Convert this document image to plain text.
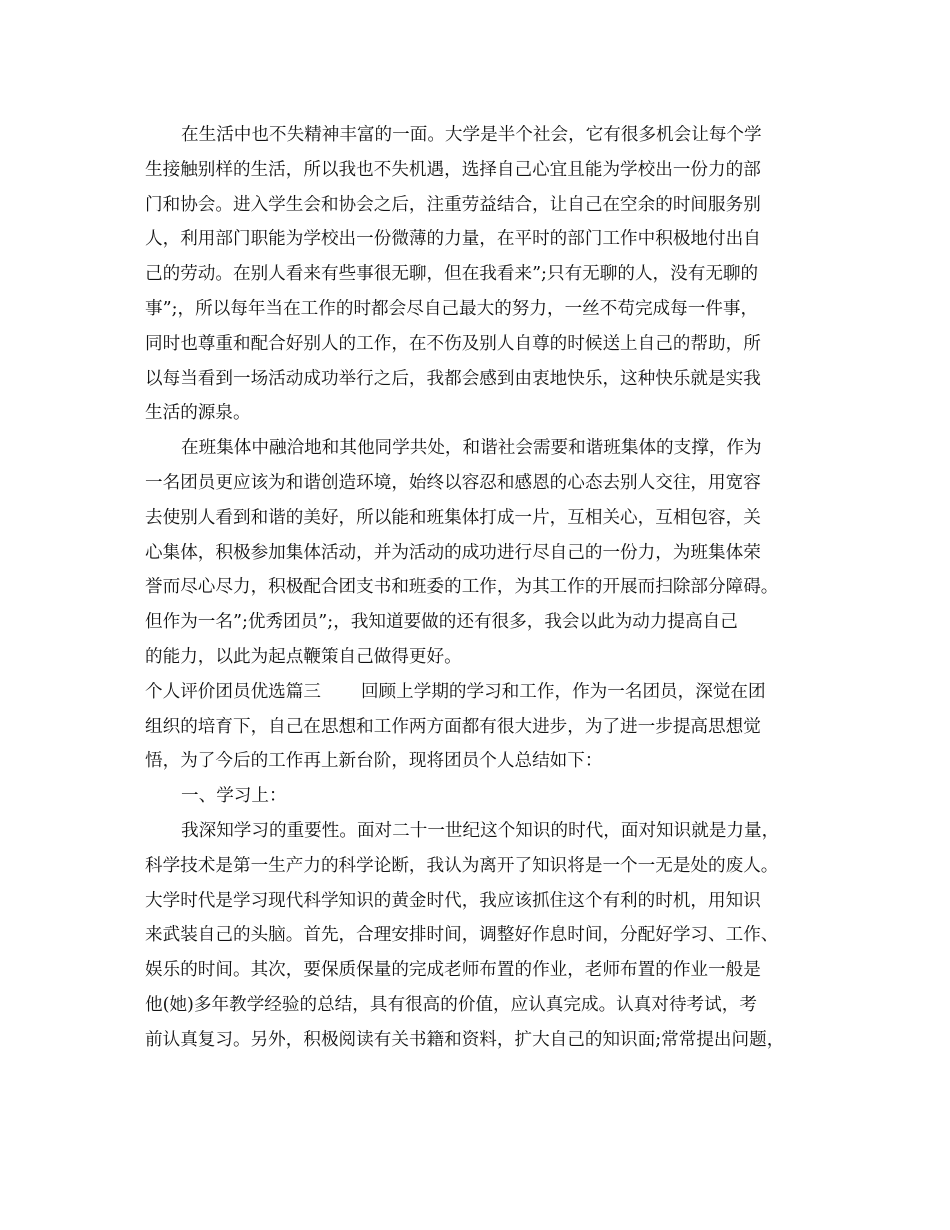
在生活中也不失精神丰富的一面。大学是半个社会，它有很多机会让每个学
生接触别样的生活，所以我也不失机遇，选择自己心宜且能为学校出一份力的部
门和协会。进入学生会和协会之后，注重劳益结合，让自己在空余的时间服务别
人，利用部门职能为学校出一份微薄的力量，在平时的部门工作中积极地付出自
己的劳动。在别人看来有些事很无聊，但在我看来”;只有无聊的人，没有无聊的
事”;，所以每年当在工作的时都会尽自己最大的努力，一丝不苟完成每一件事，
同时也尊重和配合好别人的工作，在不伤及别人自尊的时候送上自己的帮助，所
以每当看到一场活动成功举行之后，我都会感到由衷地快乐，这种快乐就是实我
生活的源泉。
在班集体中融洽地和其他同学共处，和谐社会需要和谐班集体的支撑，作为
一名团员更应该为和谐创造环境，始终以容忍和感恩的心态去别人交往，用宽容
去使别人看到和谐的美好，所以能和班集体打成一片，互相关心，互相包容，关
心集体，积极参加集体活动，并为活动的成功进行尽自己的一份力，为班集体荣
誉而尽心尽力，积极配合团支书和班委的工作，为其工作的开展而扫除部分障碍。
但作为一名”;优秀团员”;，我知道要做的还有很多，我会以此为动力提高自己
的能力，以此为起点鞭策自己做得更好。
个人评价团员优选篇三 回顾上学期的学习和工作，作为一名团员，深觉在团
组织的培育下，自己在思想和工作两方面都有很大进步，为了进一步提高思想觉
悟，为了今后的工作再上新台阶，现将团员个人总结如下：
一、学习上：
我深知学习的重要性。面对二十一世纪这个知识的时代，面对知识就是力量，
科学技术是第一生产力的科学论断，我认为离开了知识将是一个一无是处的废人。
大学时代是学习现代科学知识的黄金时代，我应该抓住这个有利的时机，用知识
来武装自己的头脑。首先，合理安排时间，调整好作息时间，分配好学习、工作、
娱乐的时间。其次，要保质保量的完成老师布置的作业，老师布置的作业一般是
他(她)多年教学经验的总结，具有很高的价值，应认真完成。认真对待考试，考
前认真复习。另外，积极阅读有关书籍和资料，扩大自己的知识面;常常提出问题，
